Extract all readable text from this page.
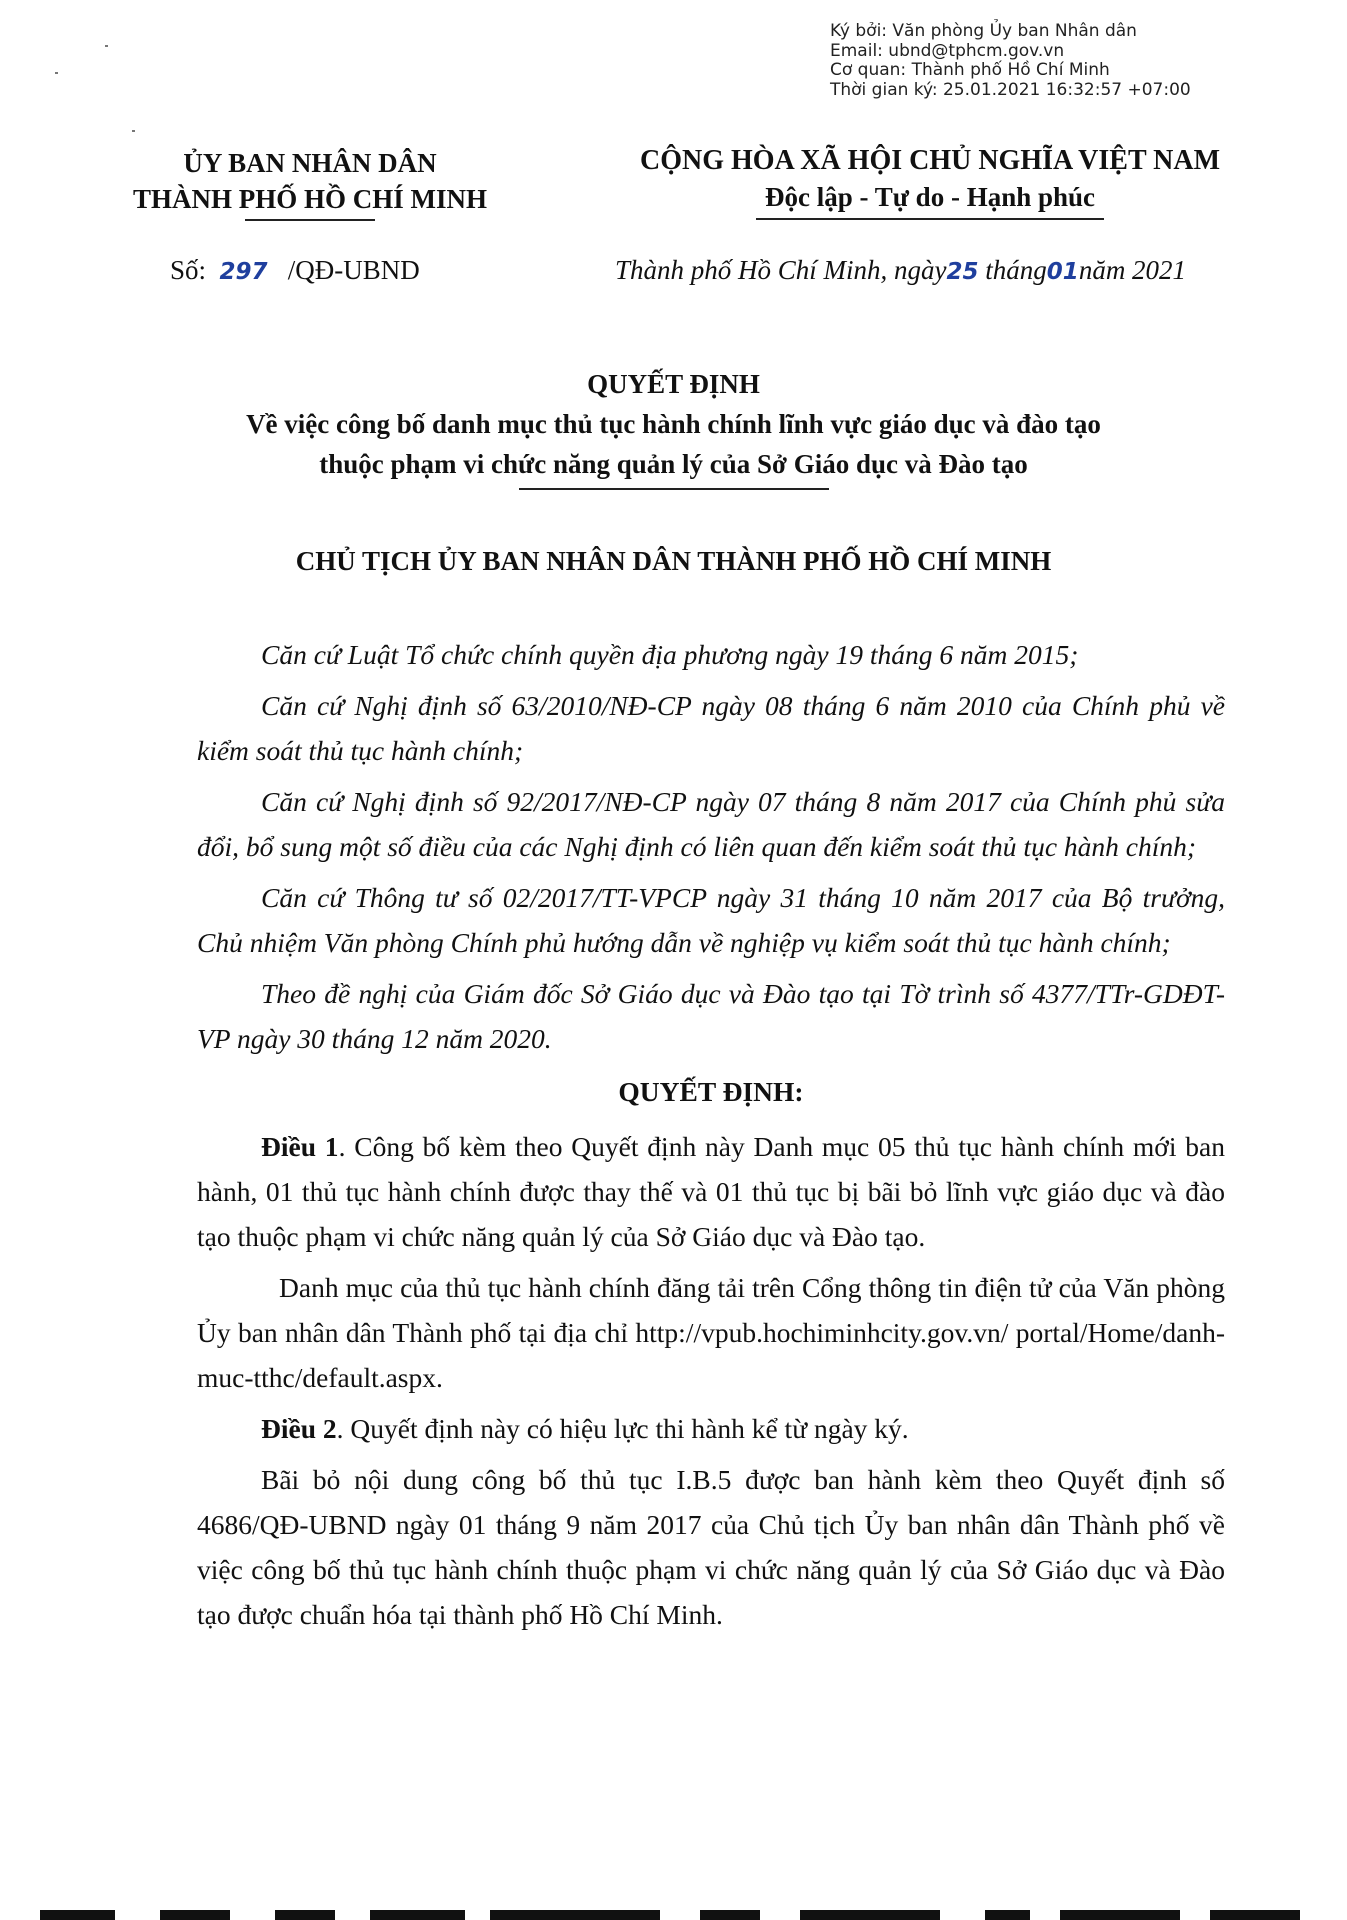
Ký bởi: Văn phòng Ủy ban Nhân dân
Email: ubnd@tphcm.gov.vn
Cơ quan: Thành phố Hồ Chí Minh
Thời gian ký: 25.01.2021 16:32:57 +07:00
ỦY BAN NHÂN DÂN
THÀNH PHỐ HỒ CHÍ MINH
CỘNG HÒA XÃ HỘI CHỦ NGHĨA VIỆT NAM
Độc lập - Tự do - Hạnh phúc
Số: 297 /QĐ-UBND	Thành phố Hồ Chí Minh, ngày25 tháng01năm 2021
QUYẾT ĐỊNH
Về việc công bố danh mục thủ tục hành chính lĩnh vực giáo dục và đào tạo
thuộc phạm vi chức năng quản lý của Sở Giáo dục và Đào tạo
CHỦ TỊCH ỦY BAN NHÂN DÂN THÀNH PHỐ HỒ CHÍ MINH

Căn cứ Luật Tổ chức chính quyền địa phương ngày 19 tháng 6 năm 2015;

Căn cứ Nghị định số 63/2010/NĐ-CP ngày 08 tháng 6 năm 2010 của Chính phủ về kiểm soát thủ tục hành chính;

Căn cứ Nghị định số 92/2017/NĐ-CP ngày 07 tháng 8 năm 2017 của Chính phủ sửa đổi, bổ sung một số điều của các Nghị định có liên quan đến kiểm soát thủ tục hành chính;

Căn cứ Thông tư số 02/2017/TT-VPCP ngày 31 tháng 10 năm 2017 của Bộ trưởng, Chủ nhiệm Văn phòng Chính phủ hướng dẫn về nghiệp vụ kiểm soát thủ tục hành chính;

Theo đề nghị của Giám đốc Sở Giáo dục và Đào tạo tại Tờ trình số 4377/TTr-GDĐT-VP ngày 30 tháng 12 năm 2020.

QUYẾT ĐỊNH:

Điều 1. Công bố kèm theo Quyết định này Danh mục 05 thủ tục hành chính mới ban hành, 01 thủ tục hành chính được thay thế và 01 thủ tục bị bãi bỏ lĩnh vực giáo dục và đào tạo thuộc phạm vi chức năng quản lý của Sở Giáo dục và Đào tạo.

Danh mục của thủ tục hành chính đăng tải trên Cổng thông tin điện tử của Văn phòng Ủy ban nhân dân Thành phố tại địa chỉ http://vpub.hochiminhcity.gov.vn/ portal/Home/danh-muc-tthc/default.aspx.

Điều 2. Quyết định này có hiệu lực thi hành kể từ ngày ký.

Bãi bỏ nội dung công bố thủ tục I.B.5 được ban hành kèm theo Quyết định số 4686/QĐ-UBND ngày 01 tháng 9 năm 2017 của Chủ tịch Ủy ban nhân dân Thành phố về việc công bố thủ tục hành chính thuộc phạm vi chức năng quản lý của Sở Giáo dục và Đào tạo được chuẩn hóa tại thành phố Hồ Chí Minh.
